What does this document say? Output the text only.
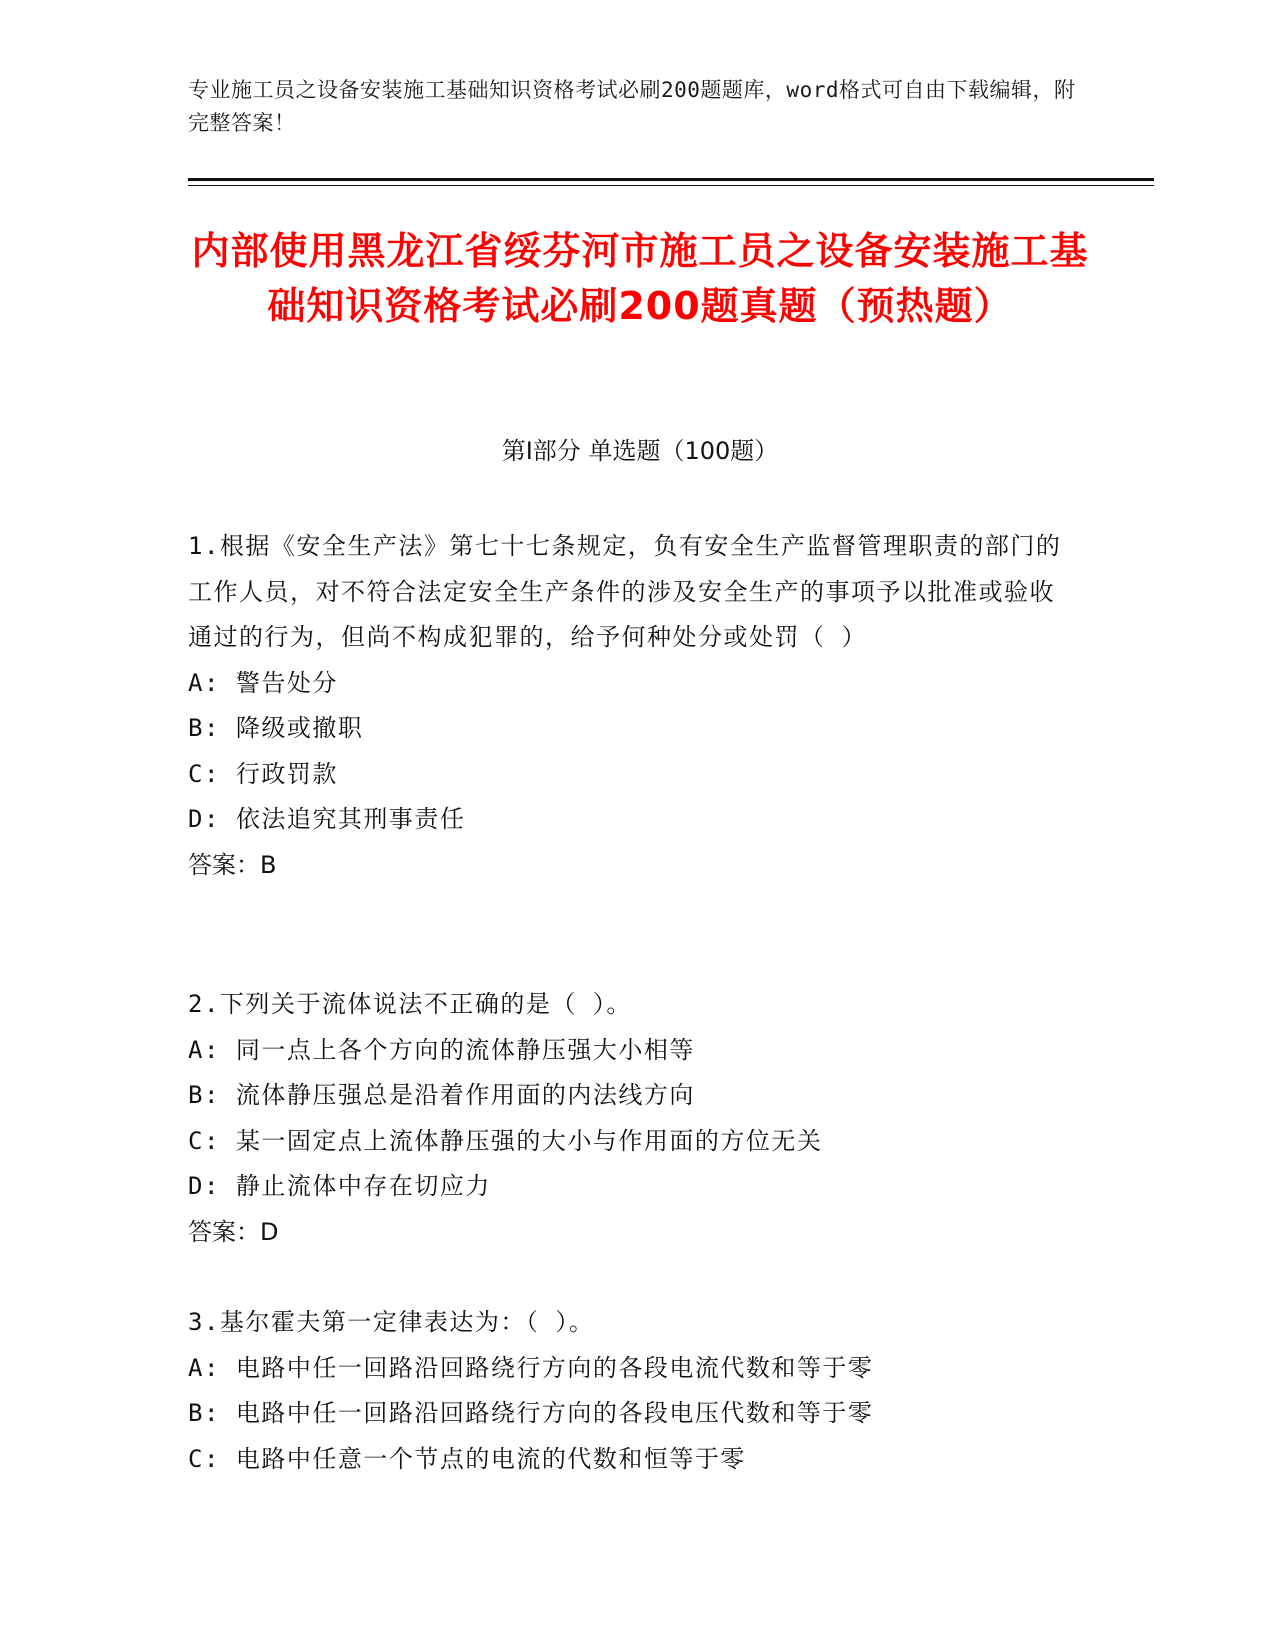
专业施工员之设备安装施工基础知识资格考试必刷200题题库，word格式可自由下载编辑，附完整答案！
内部使用黑龙江省绥芬河市施工员之设备安装施工基础知识资格考试必刷200题真题（预热题）
第Ⅰ部分 单选题（100题）

1.根据《安全生产法》第七十七条规定，负有安全生产监督管理职责的部门的工作人员，对不符合法定安全生产条件的涉及安全生产的事项予以批准或验收通过的行为，但尚不构成犯罪的，给予何种处分或处罚（ ）

A: 警告处分

B: 降级或撤职

C: 行政罚款

D: 依法追究其刑事责任

答案：B

2.下列关于流体说法不正确的是（ ）。

A: 同一点上各个方向的流体静压强大小相等

B: 流体静压强总是沿着作用面的内法线方向

C: 某一固定点上流体静压强的大小与作用面的方位无关

D: 静止流体中存在切应力

答案：D

3.基尔霍夫第一定律表达为：（ ）。

A: 电路中任一回路沿回路绕行方向的各段电流代数和等于零

B: 电路中任一回路沿回路绕行方向的各段电压代数和等于零

C: 电路中任意一个节点的电流的代数和恒等于零
